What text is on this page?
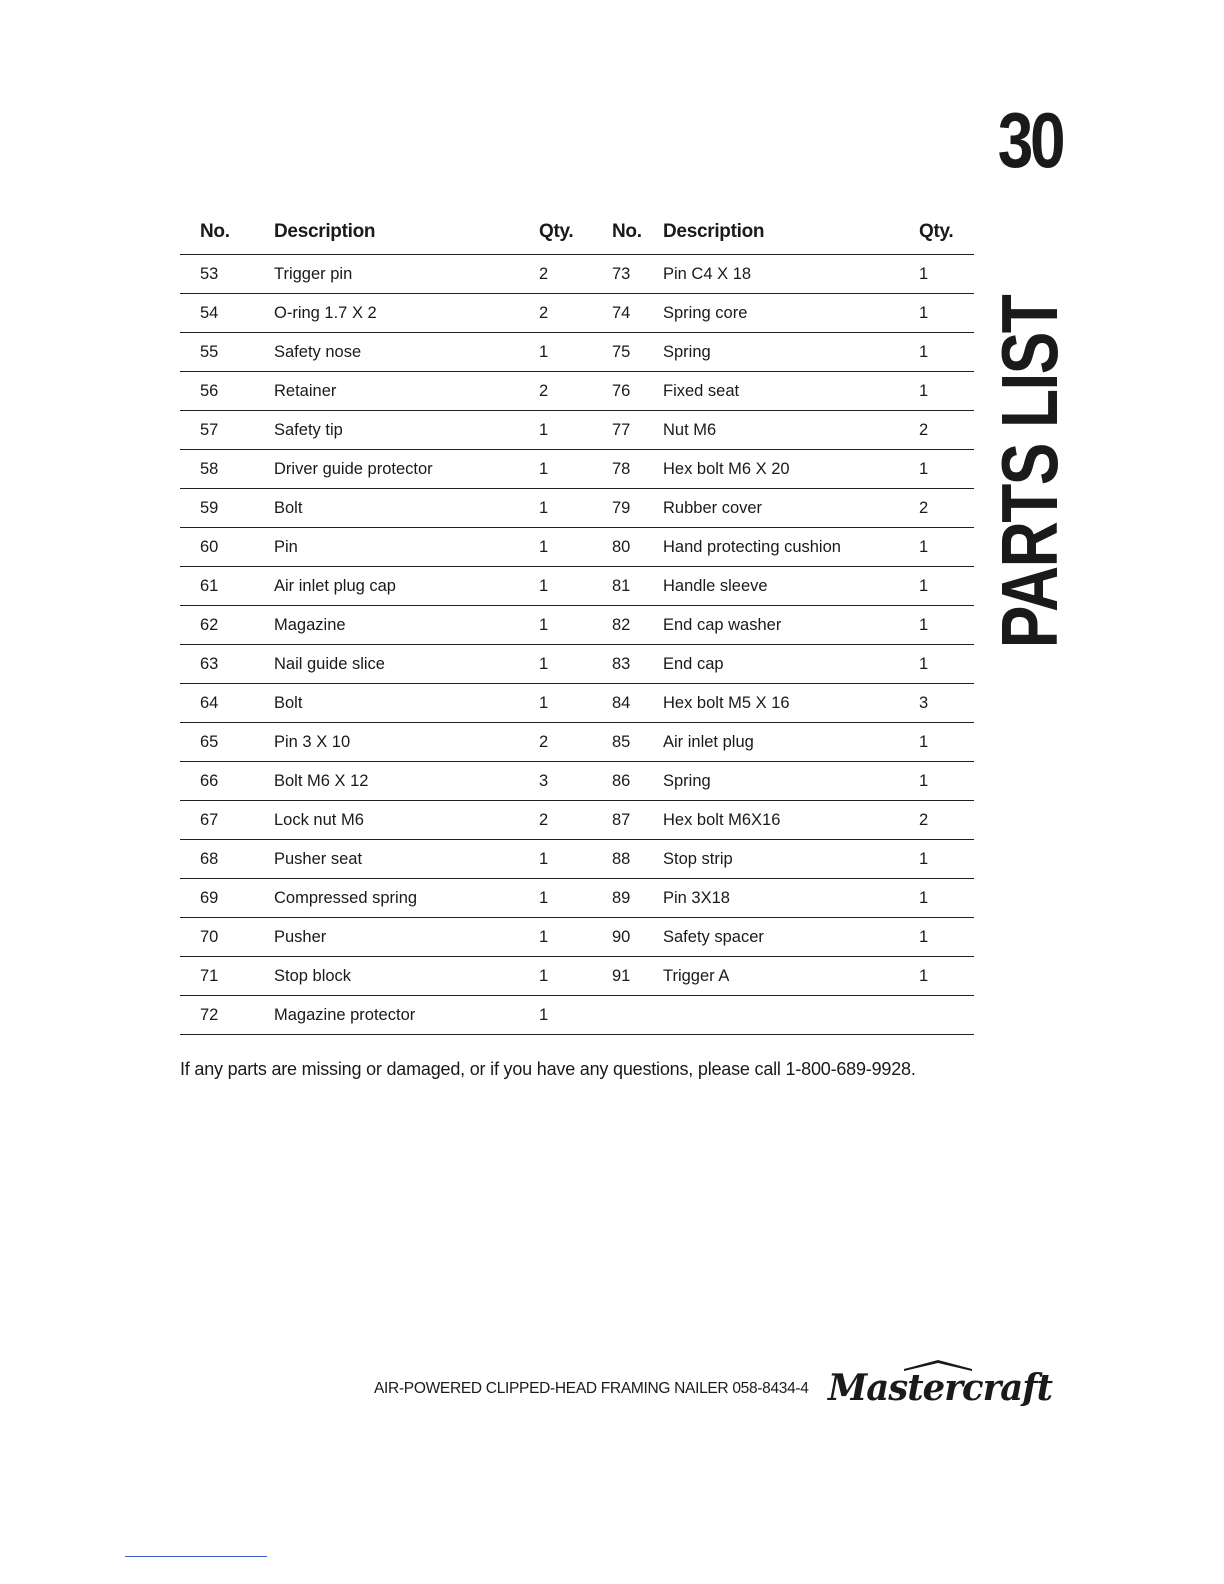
30
PARTS LIST
No.	Description	Qty.	No.	Description	Qty.
53	Trigger pin	2	73	Pin C4 X 18	1
54	O-ring 1.7 X 2	2	74	Spring core	1
55	Safety nose	1	75	Spring	1
56	Retainer	2	76	Fixed seat	1
57	Safety tip	1	77	Nut M6	2
58	Driver guide protector	1	78	Hex bolt M6 X 20	1
59	Bolt	1	79	Rubber cover	2
60	Pin	1	80	Hand protecting cushion	1
61	Air inlet plug cap	1	81	Handle sleeve	1
62	Magazine	1	82	End cap washer	1
63	Nail guide slice	1	83	End cap	1
64	Bolt	1	84	Hex bolt M5 X 16	3
65	Pin 3 X 10	2	85	Air inlet plug	1
66	Bolt M6 X 12	3	86	Spring	1
67	Lock nut M6	2	87	Hex bolt M6X16	2
68	Pusher seat	1	88	Stop strip	1
69	Compressed spring	1	89	Pin 3X18	1
70	Pusher	1	90	Safety spacer	1
71	Stop block	1	91	Trigger A	1
72	Magazine protector	1			
If any parts are missing or damaged, or if you have any questions, please call 1-800-689-9928.
AIR-POWERED CLIPPED-HEAD FRAMING NAILER 058-8434-4 Mastercraft
